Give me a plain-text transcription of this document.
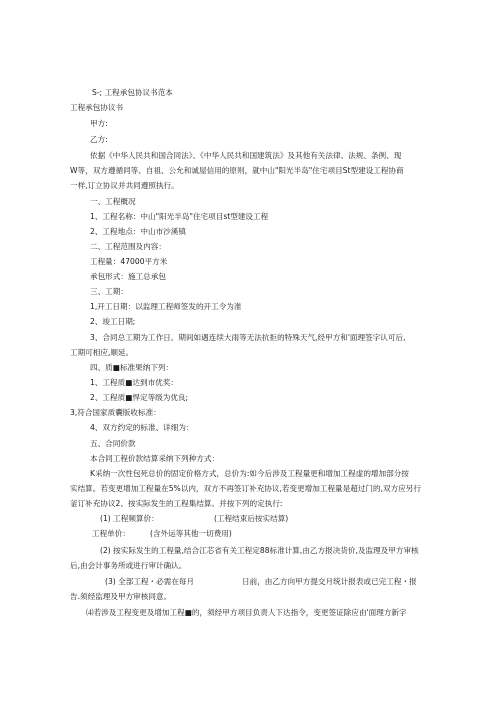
S-; 工程承包协议书范本
工程承包协议书
甲方:
乙方:
依据《中华人民共和国合同法》、《中华人民共和国建筑法》及其他有关法律、法规、条例、现
W等，双方遵循同等、自祖、公允和诚屋信用的原则，就中山"阳光半岛"住宅项目St型建设工程协商
一样,订立协议并共同遵照执行。
一、工程概况
1、工程名称：中山"阳光半岛"住宅项目st型建设工程
2、工程地点：中山市沙溪镇
二、工程范围及内容：
工程量：47000平方米
承包形式：施工总承包
三、工期：
1,开工日期：以监理工程师签发的开工令为准
2、竣工日期;
3、合同总工期为工作日。期间如遇连续大雨等无法抗拒的特殊天气,经甲方和'面理签字认可后,
工期可相应,顺延。
四、质■标准果纳下列：
1、工程质■达到市优奖：
2、工程质■悍定等级为优良;
3,符合国家质囊版收标准：
4、双方约定的标准、详细为：
五、合同价款
本合同工程价款结算采纳下列种方式：
K采纳一次性包死总价的固定价格方式，总价为:如今后涉及工程量更和增加工程虚的增加部分按
实结算。若变更增加工程量在5%以内，双方不再签订补充协议,若变更增加工程量是超过门的,双方应另行
釜订补充协议2、按实际发生的工程集结算。并按下列的定执行:
(1) 工程频算价：	(工程结束后按实结算)
工程单价：	(含外运等其他一切费用)
(2) 按实际发生的工程量,结合江芯省有关工程定88标准计算,由乙方报决货价,及监理及甲方审核
后,由会计事务所或进行审计确认。
(3) 全部工程・必需在每月	日前，由乙方向甲方提交月统计报表或已完工程・报
告.须经监理及甲方审核同意。
⑷若涉及工程变更及增加工程■的，须经甲方项目负责人下达指令，变更签证除应由'面理方新字
